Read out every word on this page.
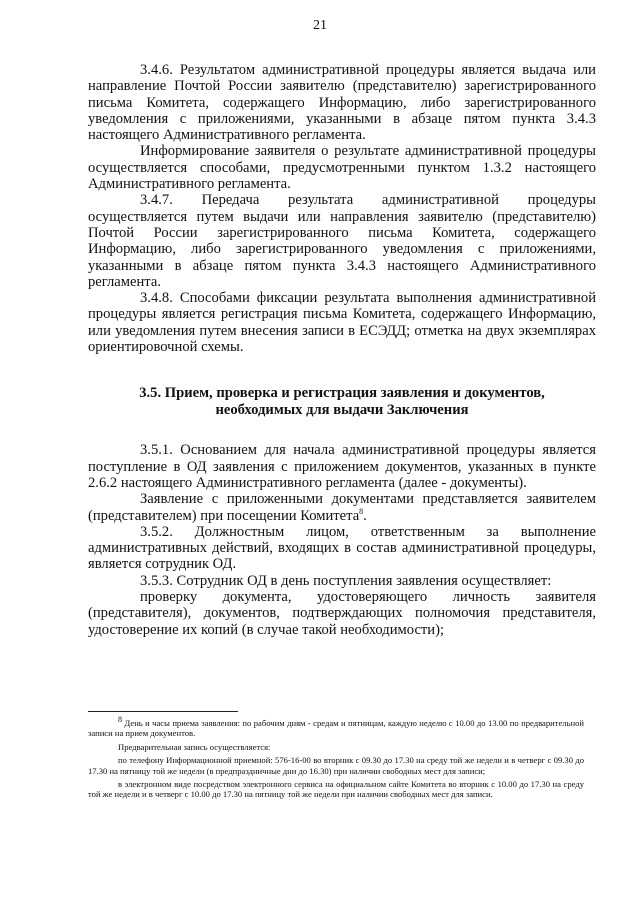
21

3.4.6. Результатом административной процедуры является выдача или направление Почтой России заявителю (представителю) зарегистрированного письма Комитета, содержащего Информацию, либо зарегистрированного уведомления с приложениями, указанными в абзаце пятом пункта 3.4.3 настоящего Административного регламента.

Информирование заявителя о результате административной процедуры осуществляется способами, предусмотренными пунктом 1.3.2 настоящего Административного регламента.

3.4.7. Передача результата административной процедуры осуществляется путем выдачи или направления заявителю (представителю) Почтой России зарегистрированного письма Комитета, содержащего Информацию, либо зарегистрированного уведомления с приложениями, указанными в абзаце пятом пункта 3.4.3 настоящего Административного регламента.

3.4.8. Способами фиксации результата выполнения административной процедуры является регистрация письма Комитета, содержащего Информацию, или уведомления путем внесения записи в ЕСЭДД; отметка на двух экземплярах ориентировочной схемы.

3.5. Прием, проверка и регистрация заявления и документов,

необходимых для выдачи Заключения

3.5.1. Основанием для начала административной процедуры является поступление в ОД заявления с приложением документов, указанных в пункте 2.6.2 настоящего Административного регламента (далее - документы).

Заявление с приложенными документами представляется заявителем (представителем) при посещении Комитета$^8$.

3.5.2. Должностным лицом, ответственным за выполнение административных действий, входящих в состав административной процедуры, является сотрудник ОД.

3.5.3. Сотрудник ОД в день поступления заявления осуществляет:

проверку документа, удостоверяющего личность заявителя (представителя), документов, подтверждающих полномочия представителя, удостоверение их копий (в случае такой необходимости);

$^8$ День и часы приема заявления: по рабочим дням - средам и пятницам, каждую неделю с 10.00 до 13.00 по предварительной записи на прием документов.

Предварительная запись осуществляется:

по телефону Информационной приемной: 576-16-00 во вторник с 09.30 до 17.30 на среду той же недели и в четверг с 09.30 до 17.30 на пятницу той же недели (в предпраздничные дни до 16.30) при наличии свободных мест для записи;

в электронном виде посредством электронного сервиса на официальном сайте Комитета во вторник с 10.00 до 17.30 на среду той же недели и в четверг с 10.00 до 17.30 на пятницу той же недели при наличии свободных мест для записи.
